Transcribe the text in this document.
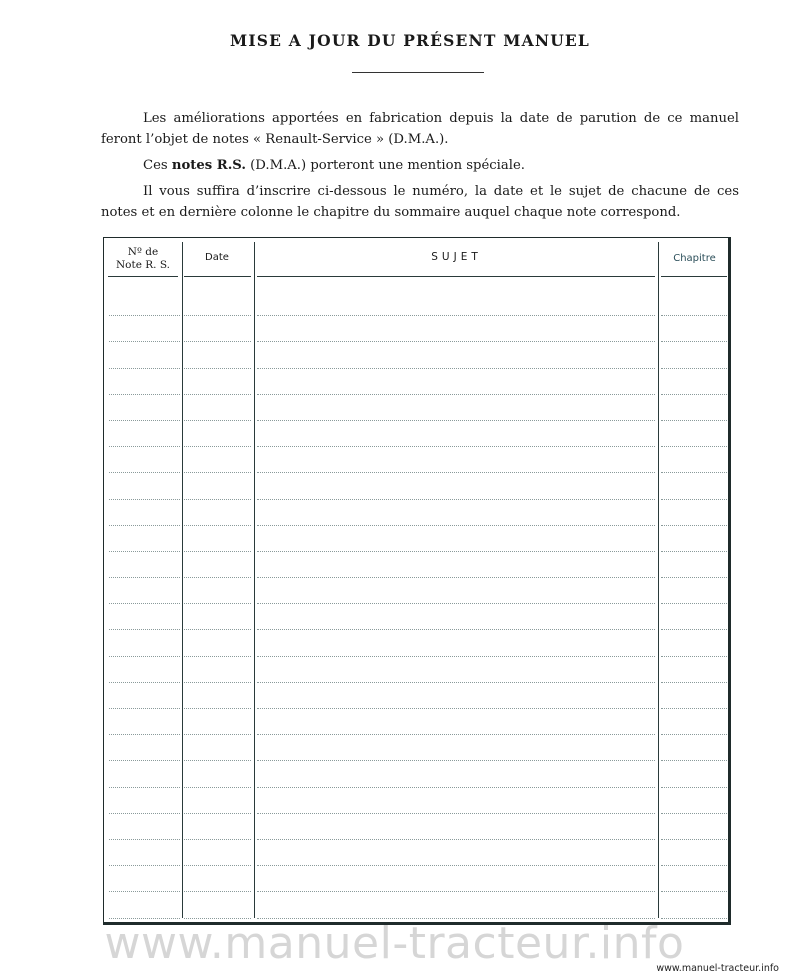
MISE A JOUR DU PRÉSENT MANUEL

Les améliorations apportées en fabrication depuis la date de parution de ce manuel feront l’objet de notes « Renault-Service » (D.M.A.).

Ces notes R.S. (D.M.A.) porteront une mention spéciale.

Il vous suffira d’inscrire ci-dessous le numéro, la date et le sujet de chacune de ces notes et en dernière colonne le chapitre du sommaire auquel chaque note correspond.

Nº de
Note R. S.
Date	SUJET	Chapitre
www.manuel-tracteur.info
www.manuel-tracteur.info
